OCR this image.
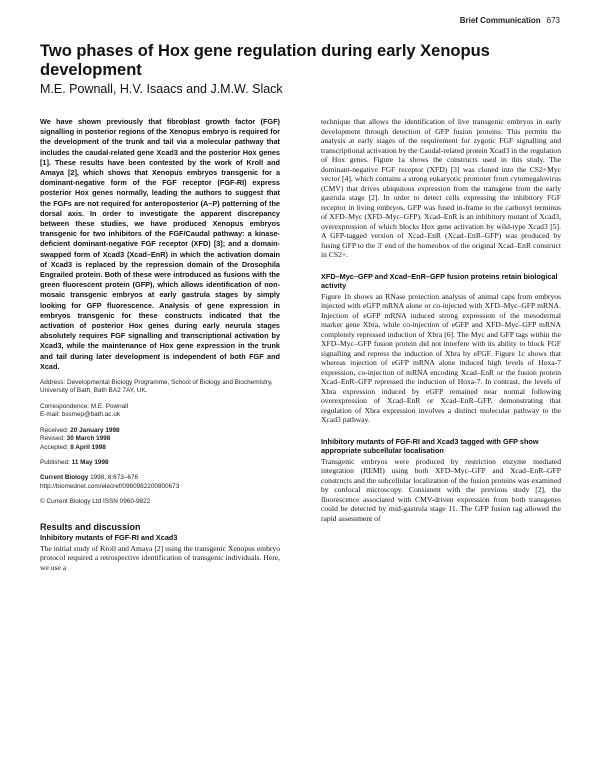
Brief Communication 673
Two phases of Hox gene regulation during early Xenopus development
M.E. Pownall, H.V. Isaacs and J.M.W. Slack

We have shown previously that fibroblast growth factor (FGF) signalling in posterior regions of the Xenopus embryo is required for the development of the trunk and tail via a molecular pathway that includes the caudal-related gene Xcad3 and the posterior Hox genes [1]. These results have been contested by the work of Kroll and Amaya [2], which shows that Xenopus embryos transgenic for a dominant-negative form of the FGF receptor (FGF-RI) express posterior Hox genes normally, leading the authors to suggest that the FGFs are not required for anteroposterior (A–P) patterning of the dorsal axis. In order to investigate the apparent discrepancy between these studies, we have produced Xenopus embryos transgenic for two inhibitors of the FGF/Caudal pathway: a kinase-deficient dominant-negative FGF receptor (XFD) [3]; and a domain-swapped form of Xcad3 (Xcad–EnR) in which the activation domain of Xcad3 is replaced by the repression domain of the Drosophila Engrailed protein. Both of these were introduced as fusions with the green fluorescent protein (GFP), which allows identification of non-mosaic transgenic embryos at early gastrula stages by simply looking for GFP fluorescence. Analysis of gene expression in embryos transgenic for these constructs indicated that the activation of posterior Hox genes during early neurula stages absolutely requires FGF signalling and transcriptional activation by Xcad3, while the maintenance of Hox gene expression in the trunk and tail during later development is independent of both FGF and Xcad.

Address: Developmental Biology Programme, School of Biology and Biochemistry, University of Bath, Bath BA2 7AY, UK.
Correspondence: M.E. Pownall
E-mail: bssmep@bath.ac.uk
Received: 20 January 1998
Revised: 30 March 1998
Accepted: 8 April 1998
Published: 11 May 1998
Current Biology 1998, 8:673–676
http://biomednet.com/elecref/0960982200800673
© Current Biology Ltd ISSN 0960-9822
Results and discussion
Inhibitory mutants of FGF-RI and Xcad3

The initial study of Kroll and Amaya [2] using the transgenic Xenopus embryo protocol required a retrospective identification of transgenic individuals. Here, we use a

technique that allows the identification of live transgenic embryos in early development through detection of GFP fusion proteins. This permits the analysis at early stages of the requirement for zygotic FGF signalling and transcriptional activation by the Caudal-related protein Xcad3 in the regulation of Hox genes. Figure 1a shows the constructs used in this study. The dominant-negative FGF receptor (XFD) [3] was cloned into the CS2+Myc vector [4], which contains a strong eukaryotic promoter from cytomegalovirus (CMV) that drives ubiquitous expression from the transgene from the early gastrula stage [2]. In order to detect cells expressing the inhibitory FGF receptor in living embryos, GFP was fused in-frame to the carboxyl terminus of XFD–Myc (XFD–Myc–GFP). Xcad–EnR is an inhibitory mutant of Xcad3, overexpression of which blocks Hox gene activation by wild-type Xcad3 [5]. A GFP-tagged version of Xcad–EnR (Xcad–EnR–GFP) was produced by fusing GFP to the 3′ end of the homeobox of the original Xcad–EnR construct in CS2+.

XFD–Myc–GFP and Xcad–EnR–GFP fusion proteins retain biological activity

Figure 1b shows an RNase protection analysis of animal caps from embryos injected with eGFP mRNA alone or co-injected with XFD–Myc–GFP mRNA. Injection of eGFP mRNA induced strong expression of the mesodermal marker gene Xbra, while co-injection of eGFP and XFD–Myc–GFP mRNA completely repressed induction of Xbra [6]. The Myc and GFP tags within the XFD–Myc–GFP fusion protein did not interfere with its ability to block FGF signalling and repress the induction of Xbra by eFGF. Figure 1c shows that whereas injection of eGFP mRNA alone induced high levels of Hoxa-7 expression, co-injection of mRNA encoding Xcad–EnR or the fusion protein Xcad–EnR–GFP repressed the induction of Hoxa-7. In contrast, the levels of Xbra expression induced by eGFP remained near normal following overexpression of Xcad–EnR or Xcad–EnR–GFP, demonstrating that regulation of Xbra expression involves a distinct molecular pathway to the Xcad3 pathway.

Inhibitory mutants of FGF-RI and Xcad3 tagged with GFP show appropriate subcellular localisation

Transgenic embryos were produced by restriction enzyme mediated integration (REMI) using both XFD–Myc–GFP and Xcad–EnR–GFP constructs and the subcellular localization of the fusion proteins was examined by confocal microscopy. Consistent with the previous study [2], the fluorescence associated with CMV-driven expression from both transgenes could be detected by mid-gastrula stage 11. The GFP fusion tag allowed the rapid assessment of
